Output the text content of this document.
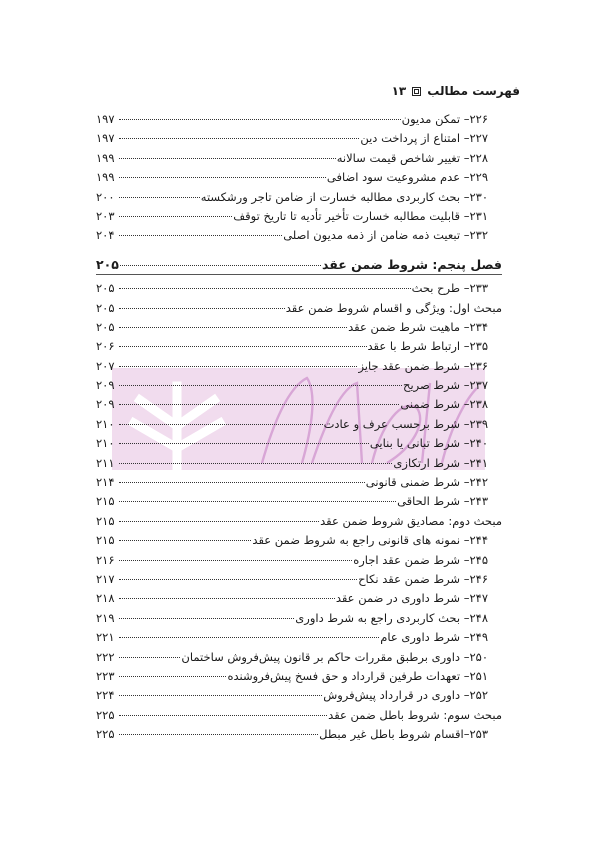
فهرست مطالب
۱۳
۲۲۶– تمکن مدیون
۱۹۷
۲۲۷– امتناع از پرداخت دین
۱۹۷
۲۲۸– تغییر شاخص قیمت سالانه
۱۹۹
۲۲۹– عدم مشروعیت سود اضافی
۱۹۹
۲۳۰– بحث کاربردی مطالبه خسارت از ضامن تاجر ورشکسته
۲۰۰
۲۳۱– قابلیت مطالبه خسارت تأخیر تأدیه تا تاریخ توقف
۲۰۳
۲۳۲– تبعیت ذمه ضامن از ذمه مدیون اصلی
۲۰۴
فصل پنجم: شروط ضمن عقد
۲۰۵
۲۳۳– طرح بحث
۲۰۵
مبحث اول: ویژگی و اقسام شروط ضمن عقد
۲۰۵
۲۳۴– ماهیت شرط ضمن عقد
۲۰۵
۲۳۵– ارتباط شرط با عقد
۲۰۶
۲۳۶– شرط ضمن عقد جایز
۲۰۷
۲۳۷– شرط صریح
۲۰۹
۲۳۸– شرط ضمنی
۲۰۹
۲۳۹– شرط برحسب عرف و عادت
۲۱۰
۲۴۰– شرط تبانی یا بنایی
۲۱۰
۲۴۱– شرط ارتکازی
۲۱۱
۲۴۲– شرط ضمنی قانونی
۲۱۴
۲۴۳– شرط الحاقی
۲۱۵
مبحث دوم: مصادیق شروط ضمن عقد
۲۱۵
۲۴۴– نمونه های قانونی راجع به شروط ضمن عقد
۲۱۵
۲۴۵– شرط ضمن عقد اجاره
۲۱۶
۲۴۶– شرط ضمن عقد نکاح
۲۱۷
۲۴۷– شرط داوری در ضمن عقد
۲۱۸
۲۴۸– بحث کاربردی راجع به شرط داوری
۲۱۹
۲۴۹– شرط داوری عام
۲۲۱
۲۵۰– داوری برطبق مقررات حاکم بر قانون پیش‌فروش ساختمان
۲۲۲
۲۵۱– تعهدات طرفین قرارداد و حق فسخ پیش‌فروشنده
۲۲۳
۲۵۲– داوری در قرارداد پیش‌فروش
۲۲۴
مبحث سوم: شروط باطل ضمن عقد
۲۲۵
۲۵۳–اقسام شروط باطل غیر مبطل
۲۲۵
